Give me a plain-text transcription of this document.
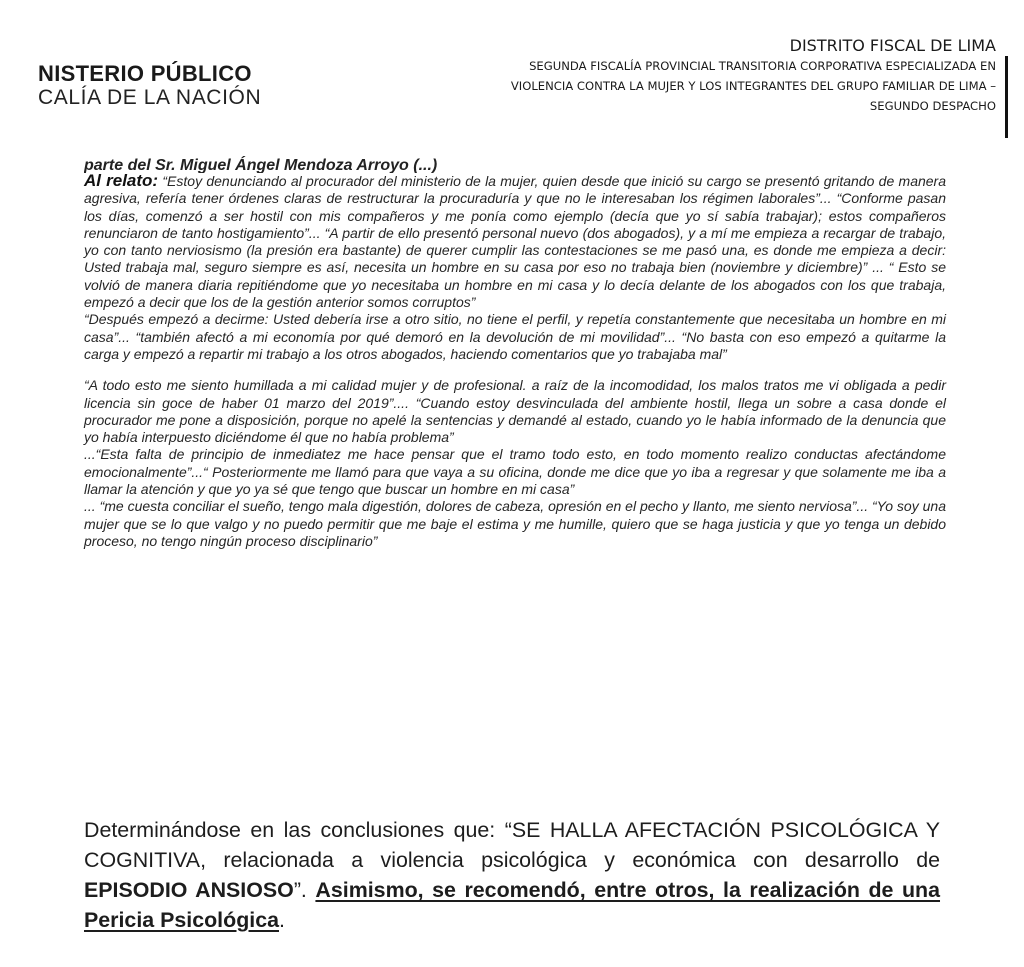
NISTERIO PÚBLICO
CALÍA DE LA NACIÓN
DISTRITO FISCAL DE LIMA
SEGUNDA FISCALÍA PROVINCIAL TRANSITORIA CORPORATIVA ESPECIALIZADA EN
VIOLENCIA CONTRA LA MUJER Y LOS INTEGRANTES DEL GRUPO FAMILIAR DE LIMA –
SEGUNDO DESPACHO
parte del Sr. Miguel Ángel Mendoza Arroyo (...)

Al relato: “Estoy denunciando al procurador del ministerio de la mujer, quien desde que inició su cargo se presentó gritando de manera agresiva, refería tener órdenes claras de restructurar la procuraduría y que no le interesaban los régimen laborales”... “Conforme pasan los días, comenzó a ser hostil con mis compañeros y me ponía como ejemplo (decía que yo sí sabía trabajar); estos compañeros renunciaron de tanto hostigamiento”... “A partir de ello presentó personal nuevo (dos abogados), y a mí me empieza a recargar de trabajo, yo con tanto nerviosismo (la presión era bastante) de querer cumplir las contestaciones se me pasó una, es donde me empieza a decir: Usted trabaja mal, seguro siempre es así, necesita un hombre en su casa por eso no trabaja bien (noviembre y diciembre)” ... “ Esto se volvió de manera diaria repitiéndome que yo necesitaba un hombre en mi casa y lo decía delante de los abogados con los que trabaja, empezó a decir que los de la gestión anterior somos corruptos”

“Después empezó a decirme: Usted debería irse a otro sitio, no tiene el perfil, y repetía constantemente que necesitaba un hombre en mi casa”... “también afectó a mi economía por qué demoró en la devolución de mi movilidad”... “No basta con eso empezó a quitarme la carga y empezó a repartir mi trabajo a los otros abogados, haciendo comentarios que yo trabajaba mal”

“A todo esto me siento humillada a mi calidad mujer y de profesional. a raíz de la incomodidad, los malos tratos me vi obligada a pedir licencia sin goce de haber 01 marzo del 2019”.... “Cuando estoy desvinculada del ambiente hostil, llega un sobre a casa donde el procurador me pone a disposición, porque no apelé la sentencias y demandé al estado, cuando yo le había informado de la denuncia que yo había interpuesto diciéndome él que no había problema”

...“Esta falta de principio de inmediatez me hace pensar que el tramo todo esto, en todo momento realizo conductas afectándome emocionalmente”...“ Posteriormente me llamó para que vaya a su oficina, donde me dice que yo iba a regresar y que solamente me iba a llamar la atención y que yo ya sé que tengo que buscar un hombre en mi casa”

... “me cuesta conciliar el sueño, tengo mala digestión, dolores de cabeza, opresión en el pecho y llanto, me siento nerviosa”... “Yo soy una mujer que se lo que valgo y no puedo permitir que me baje el estima y me humille, quiero que se haga justicia y que yo tenga un debido proceso, no tengo ningún proceso disciplinario”

Determinándose en las conclusiones que: “SE HALLA AFECTACIÓN PSICOLÓGICA Y COGNITIVA, relacionada a violencia psicológica y económica con desarrollo de EPISODIO ANSIOSO”. Asimismo, se recomendó, entre otros, la realización de una Pericia Psicológica.
